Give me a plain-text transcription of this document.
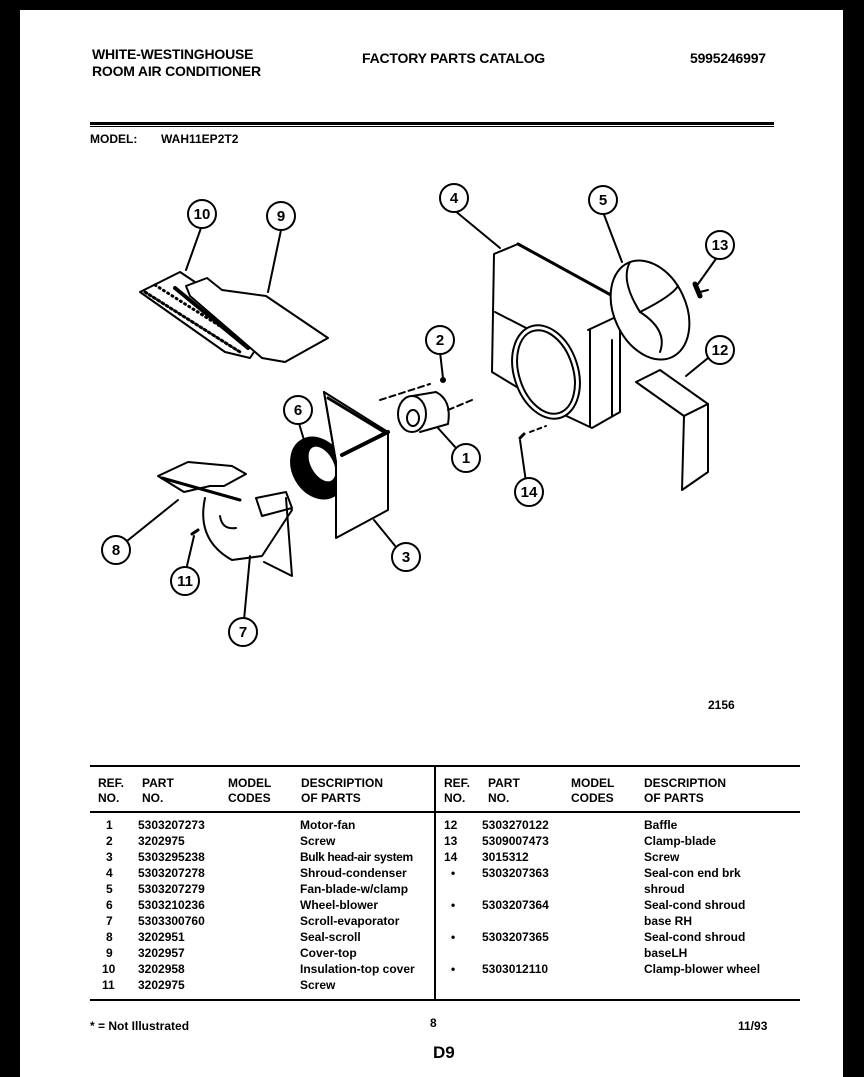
WHITE-WESTINGHOUSE
ROOM AIR CONDITIONER
FACTORY PARTS CATALOG	5995246997
MODEL: WAH11EP2T2
10	9
4	5
13
12
2
1
6
3
8
11
7
14
2156
REF.
NO.
PART
NO.
MODEL
CODES
DESCRIPTION
OF PARTS
REF.
NO.
PART
NO.
MODEL
CODES
DESCRIPTION
OF PARTS
1 5303207273	Motor-fan
2 3202975	Screw
3 5303295238	Bulk head-air system
4 5303207278	Shroud-condenser
5 5303207279	Fan-blade-w/clamp
6 5303210236	Wheel-blower
7 5303300760	Scroll-evaporator
8 3202951	Seal-scroll
9 3202957	Cover-top
10 3202958	Insulation-top cover
11 3202975	Screw
12 5303270122	Baffle
13 5309007473	Clamp-blade
14 3015312	Screw
• 5303207363	Seal-con end brk
shroud
• 5303207364	Seal-cond shroud
base RH
• 5303207365	Seal-cond shroud
baseLH
• 5303012110	Clamp-blower wheel
* = Not Illustrated	8	11/93
D9
